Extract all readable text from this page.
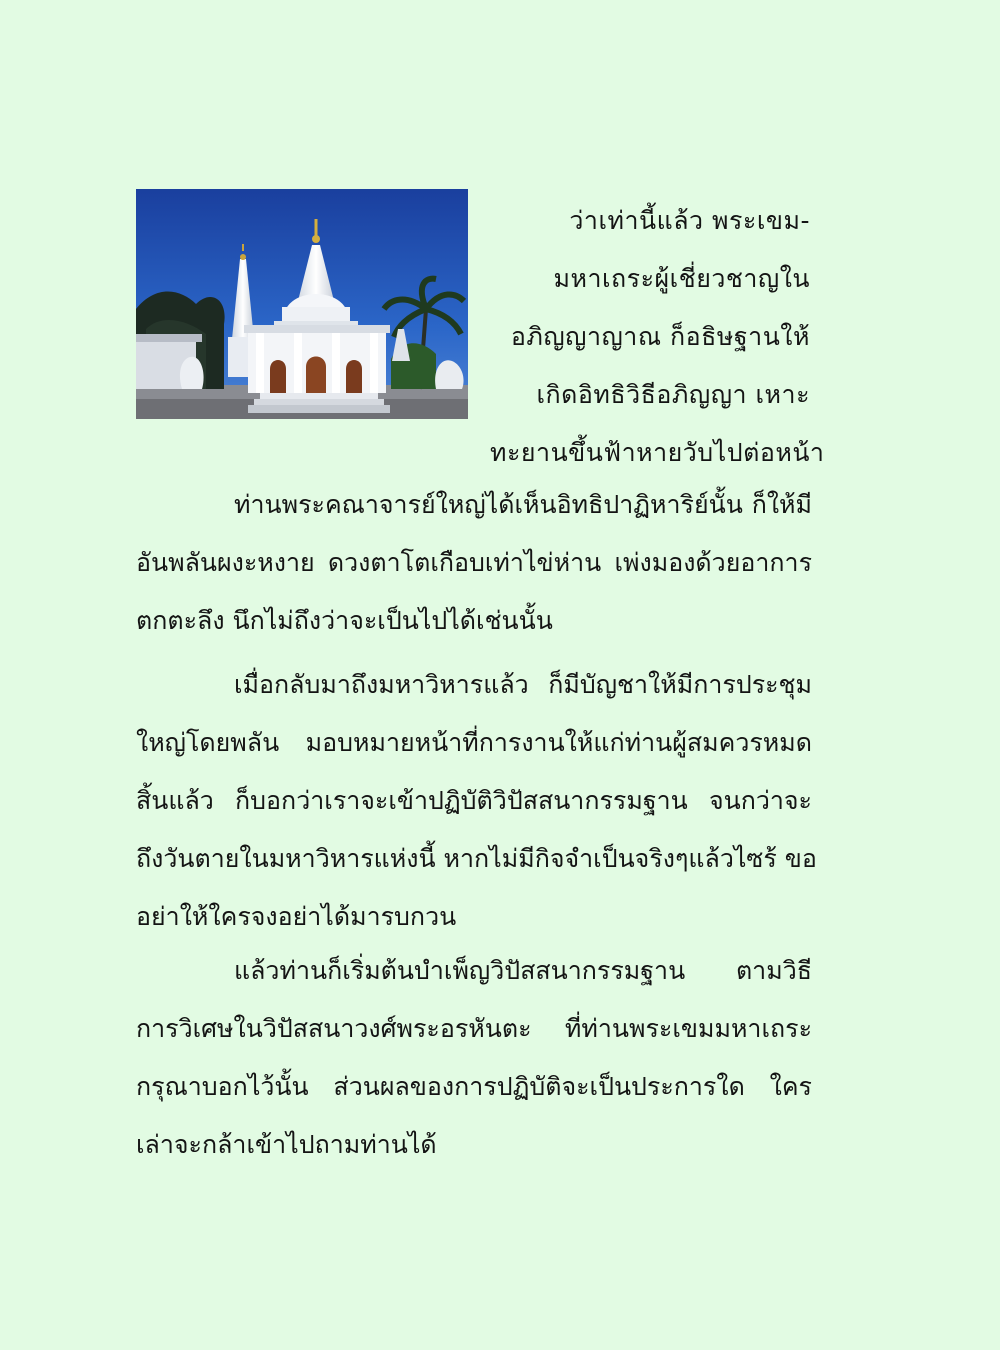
ว่าเท่านี้แล้ว พระเขม-
มหาเถระผู้เชี่ยวชาญใน
อภิญญาญาณ ก็อธิษฐานให้
เกิดอิทธิวิธีอภิญญา เหาะ
ทะยานขึ้นฟ้าหายวับไปต่อหน้า
ท่านพระคณาจารย์ใหญ่ได้เห็นอิทธิปาฏิหาริย์นั้น ก็ให้มี
อันพลันผงะหงาย ดวงตาโตเกือบเท่าไข่ห่าน เพ่งมองด้วยอาการ
ตกตะลึง นึกไม่ถึงว่าจะเป็นไปได้เช่นนั้น
เมื่อกลับมาถึงมหาวิหารแล้ว ก็มีบัญชาให้มีการประชุม
ใหญ่โดยพลัน มอบหมายหน้าที่การงานให้แก่ท่านผู้สมควรหมด
สิ้นแล้ว ก็บอกว่าเราจะเข้าปฏิบัติวิปัสสนากรรมฐาน จนกว่าจะ
ถึงวันตายในมหาวิหารแห่งนี้ หากไม่มีกิจจำเป็นจริงๆแล้วไซร้ ขอ
อย่าให้ใครจงอย่าได้มารบกวน
แล้วท่านก็เริ่มต้นบำเพ็ญวิปัสสนากรรมฐาน ตามวิธี
การวิเศษในวิปัสสนาวงศ์พระอรหันตะ ที่ท่านพระเขมมหาเถระ
กรุณาบอกไว้นั้น ส่วนผลของการปฏิบัติจะเป็นประการใด ใคร
เล่าจะกล้าเข้าไปถามท่านได้
